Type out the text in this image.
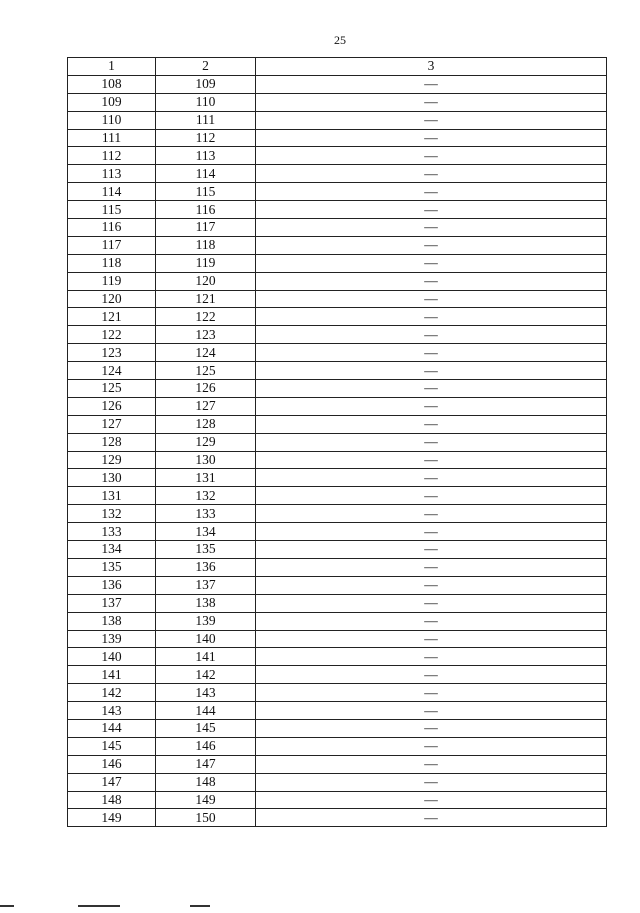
25
1	2	3
108	109	—
109	110	—
110	111	—
111	112	—
112	113	—
113	114	—
114	115	—
115	116	—
116	117	—
117	118	—
118	119	—
119	120	—
120	121	—
121	122	—
122	123	—
123	124	—
124	125	—
125	126	—
126	127	—
127	128	—
128	129	—
129	130	—
130	131	—
131	132	—
132	133	—
133	134	—
134	135	—
135	136	—
136	137	—
137	138	—
138	139	—
139	140	—
140	141	—
141	142	—
142	143	—
143	144	—
144	145	—
145	146	—
146	147	—
147	148	—
148	149	—
149	150	—
